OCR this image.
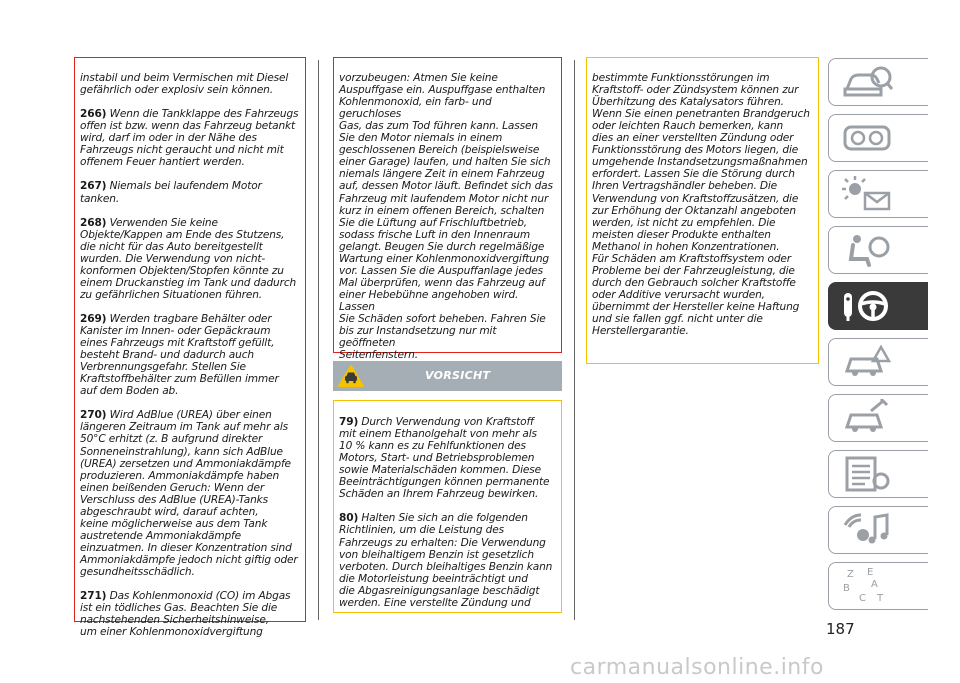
instabil und beim Vermischen mit Diesel
gefährlich oder explosiv sein können.

266) Wenn die Tankklappe des Fahrzeugs
offen ist bzw. wenn das Fahrzeug betankt
wird, darf im oder in der Nähe des
Fahrzeugs nicht geraucht und nicht mit
offenem Feuer hantiert werden.

267) Niemals bei laufendem Motor
tanken.

268) Verwenden Sie keine
Objekte/Kappen am Ende des Stutzens,
die nicht für das Auto bereitgestellt
wurden. Die Verwendung von nicht-
konformen Objekten/Stopfen könnte zu
einem Druckanstieg im Tank und dadurch
zu gefährlichen Situationen führen.

269) Werden tragbare Behälter oder
Kanister im Innen- oder Gepäckraum
eines Fahrzeugs mit Kraftstoff gefüllt,
besteht Brand- und dadurch auch
Verbrennungsgefahr. Stellen Sie
Kraftstoffbehälter zum Befüllen immer
auf dem Boden ab.

270) Wird AdBlue (UREA) über einen
längeren Zeitraum im Tank auf mehr als
50°C erhitzt (z. B aufgrund direkter
Sonneneinstrahlung), kann sich AdBlue
(UREA) zersetzen und Ammoniakdämpfe
produzieren. Ammoniakdämpfe haben
einen beißenden Geruch: Wenn der
Verschluss des AdBlue (UREA)-Tanks
abgeschraubt wird, darauf achten,
keine möglicherweise aus dem Tank
austretende Ammoniakdämpfe
einzuatmen. In dieser Konzentration sind
Ammoniakdämpfe jedoch nicht giftig oder
gesundheitsschädlich.

271) Das Kohlenmonoxid (CO) im Abgas
ist ein tödliches Gas. Beachten Sie die
nachstehenden Sicherheitshinweise,
um einer Kohlenmonoxidvergiftung

vorzubeugen: Atmen Sie keine
Auspuffgase ein. Auspuffgase enthalten
Kohlenmonoxid, ein farb- und geruchloses
Gas, das zum Tod führen kann. Lassen
Sie den Motor niemals in einem
geschlossenen Bereich (beispielsweise
einer Garage) laufen, und halten Sie sich
niemals längere Zeit in einem Fahrzeug
auf, dessen Motor läuft. Befindet sich das
Fahrzeug mit laufendem Motor nicht nur
kurz in einem offenen Bereich, schalten
Sie die Lüftung auf Frischluftbetrieb,
sodass frische Luft in den Innenraum
gelangt. Beugen Sie durch regelmäßige
Wartung einer Kohlenmonoxidvergiftung
vor. Lassen Sie die Auspuffanlage jedes
Mal überprüfen, wenn das Fahrzeug auf
einer Hebebühne angehoben wird. Lassen
Sie Schäden sofort beheben. Fahren Sie
bis zur Instandsetzung nur mit geöffneten
Seitenfenstern.

VORSICHT

79) Durch Verwendung von Kraftstoff
mit einem Ethanolgehalt von mehr als
10 % kann es zu Fehlfunktionen des
Motors, Start- und Betriebsproblemen
sowie Materialschäden kommen. Diese
Beeinträchtigungen können permanente
Schäden an Ihrem Fahrzeug bewirken.

80) Halten Sie sich an die folgenden
Richtlinien, um die Leistung des
Fahrzeugs zu erhalten: Die Verwendung
von bleihaltigem Benzin ist gesetzlich
verboten. Durch bleihaltiges Benzin kann
die Motorleistung beeinträchtigt und
die Abgasreinigungsanlage beschädigt
werden. Eine verstellte Zündung und

bestimmte Funktionsstörungen im
Kraftstoff- oder Zündsystem können zur
Überhitzung des Katalysators führen.
Wenn Sie einen penetranten Brandgeruch
oder leichten Rauch bemerken, kann
dies an einer verstellten Zündung oder
Funktionsstörung des Motors liegen, die
umgehende Instandsetzungsmaßnahmen
erfordert. Lassen Sie die Störung durch
Ihren Vertragshändler beheben. Die
Verwendung von Kraftstoffzusätzen, die
zur Erhöhung der Oktanzahl angeboten
werden, ist nicht zu empfehlen. Die
meisten dieser Produkte enthalten
Methanol in hohen Konzentrationen.
Für Schäden am Kraftstoffsystem oder
Probleme bei der Fahrzeugleistung, die
durch den Gebrauch solcher Kraftstoffe
oder Additive verursacht wurden,
übernimmt der Hersteller keine Haftung
und sie fallen ggf. nicht unter die
Herstellergarantie.

Z E
B
C T
A
187
carmanualsonline.info
